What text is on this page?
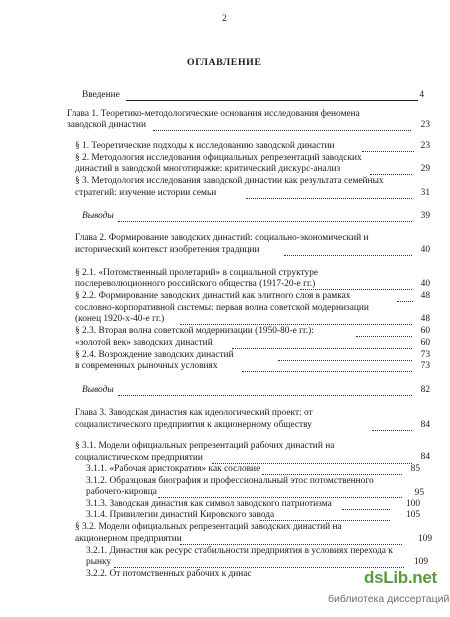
2
ОГЛАВЛЕНИЕ
Введение	4
Глава 1. Теоретико-методологические основания исследования феномена
заводской династии	23
§ 1. Теоретические подходы к исследованию заводской династии	23
§ 2. Методология исследования официальных репрезентаций заводских
династий в заводской многотиражке: критический дискурс-анализ	29
§ 3. Методология исследования заводской династии как результата семейных
стратегий: изучение истории семьи	31
Выводы	39
Глава 2. Формирование заводских династий: социально-экономический и
исторический контекст изобретения традиции	40
§ 2.1. «Потомственный пролетарий» в социальной структуре
послереволюционного российского общества (1917-20-е гг.)	40
§ 2.2. Формирование заводских династий как элитного слоя в рамках	48
сословно-корпоративной системы: первая волна советской модернизации
(конец 1920-х-40-е гг.)	48
§ 2.3. Вторая волна советской модернизации (1950-80-е гг.):	60
«золотой век» заводских династий	60
§ 2.4. Возрождение заводских династий	73
в современных рыночных условиях	73
Выводы	82
Глава 3. Заводская династия как идеологический проект: от
социалистического предприятия к акционерному обществу	84
§ 3.1. Модели официальных репрезентаций рабочих династий на
социалистическом предприятии	84
3.1.1. «Рабочая аристократия» как сословие	85
3.1.2. Образцовая биография и профессиональный этос потомственного
рабочего-кировца	95
3.1.3. Заводская династия как символ заводского патриотизма	100
3.1.4. Привилегии династий Кировского завода	105
§ 3.2. Модели официальных репрезентаций заводских династий на
акционерном предприятии	109
3.2.1. Династия как ресурс стабильности предприятия в условиях перехода к
рынку	109
3.2.2. От потомственных рабочих к динас	dsLib.net
библиотека диссертаций
